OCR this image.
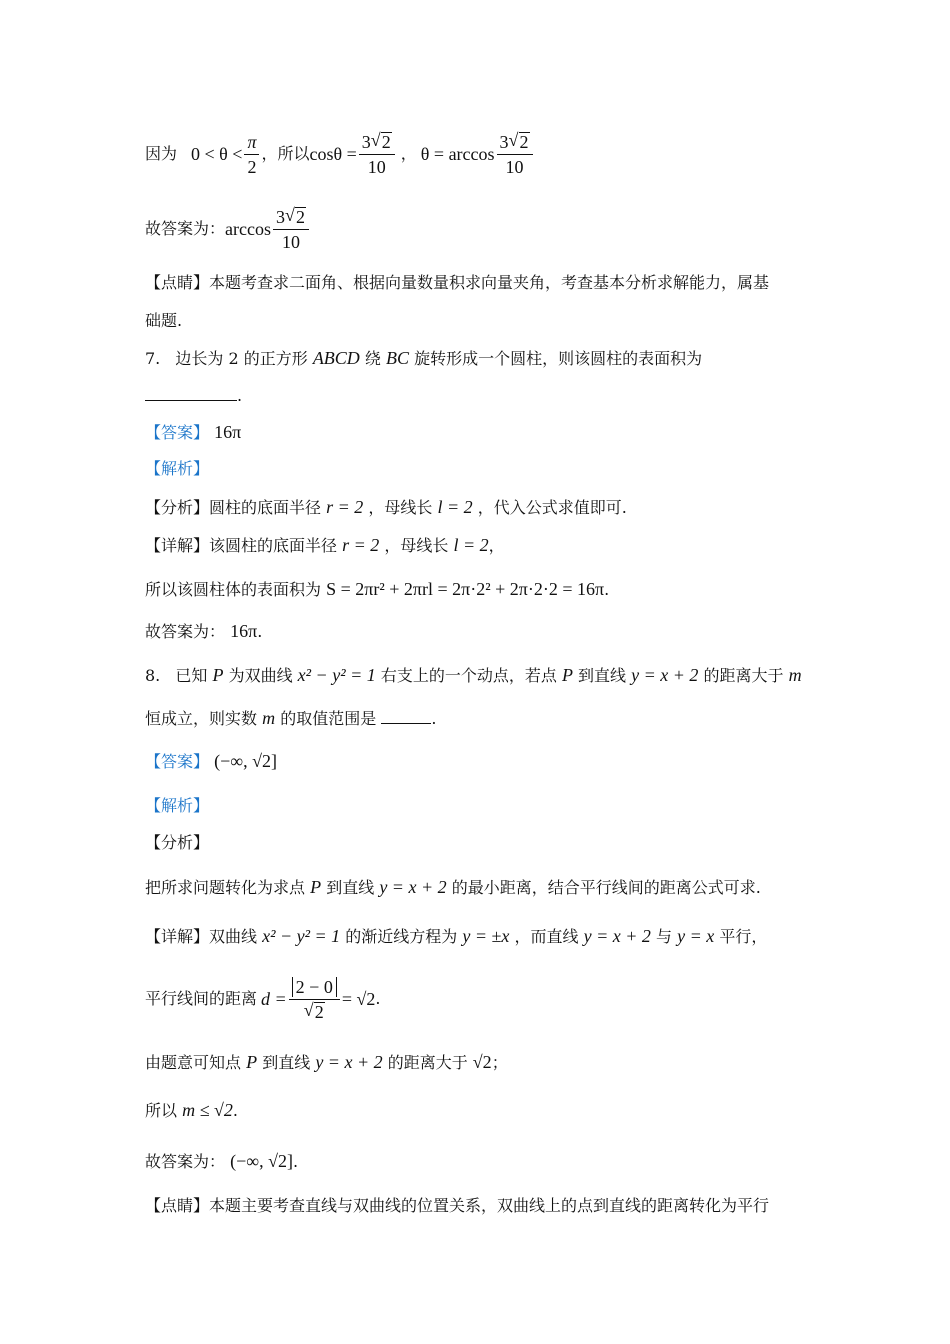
因为 $0 < \theta < \frac{\pi}{2}$ ，所以 $\cos\theta = \frac{3 √ 2}{10}$ ， $\theta = \arccos \frac{3 √ 2}{10}$
故答案为： $\arccos \frac{3 √ 2}{10}$
【点睛】本题考查求二面角、根据向量数量积求向量夹角，考查基本分析求解能力，属基
础题.
7. 边长为 2 的正方形 ABCD 绕 BC 旋转形成一个圆柱，则该圆柱的表面积为
.
【答案】 16π
【解析】
【分析】圆柱的底面半径 r = 2 ，母线长 l = 2 ，代入公式求值即可.
【详解】该圆柱的底面半径 r = 2 ，母线长 l = 2，
所以该圆柱体的表面积为 S = 2πr² + 2πrl = 2π·2² + 2π·2·2 = 16π.
故答案为： 16π.
8. 已知 P 为双曲线 x² − y² = 1 右支上的一个动点，若点 P 到直线 y = x + 2 的距离大于 m
恒成立，则实数 m 的取值范围是	.
【答案】 (−∞, √2]
【解析】
【分析】
把所求问题转化为求点 P 到直线 y = x + 2 的最小距离，结合平行线间的距离公式可求.
【详解】双曲线 x² − y² = 1 的渐近线方程为 y = ±x ，而直线 y = x + 2 与 y = x 平行，
平行线间的距离 $d = \frac{2 - 0}{√ 2} = √2$ .
由题意可知点 P 到直线 y = x + 2 的距离大于 √2；
所以 m ≤ √2.
故答案为： (−∞, √2].
【点睛】本题主要考查直线与双曲线的位置关系，双曲线上的点到直线的距离转化为平行
